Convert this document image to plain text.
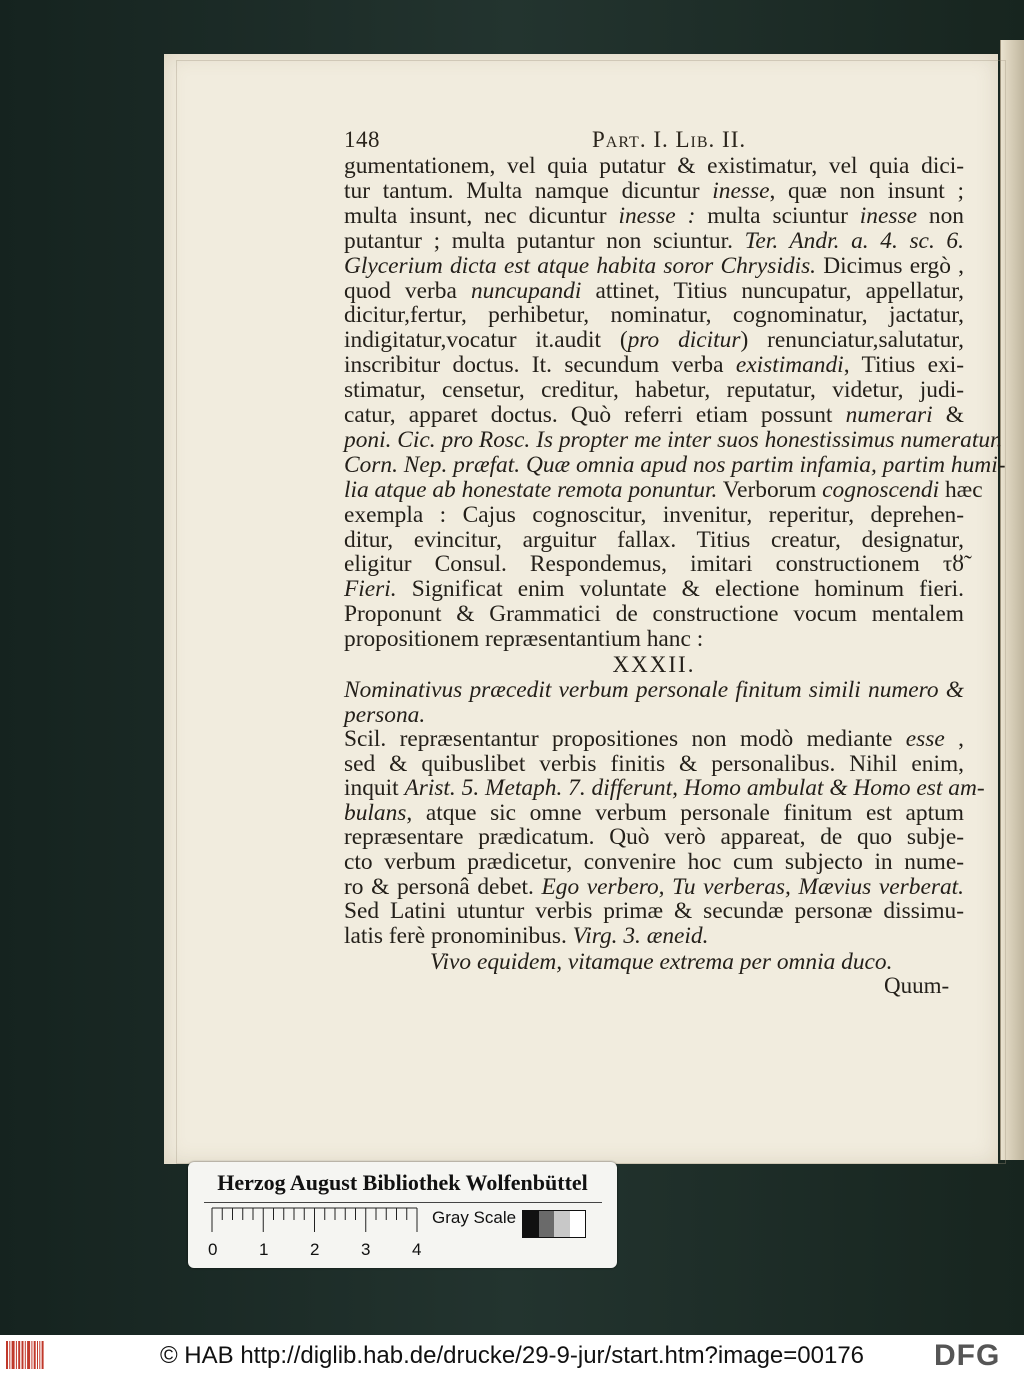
148	Part. I. Lib. II.
gumentationem, vel quia putatur & existimatur, vel quia dici-
tur tantum. Multa namque dicuntur inesse, quæ non insunt ;
multa insunt, nec dicuntur inesse : multa sciuntur inesse non
putantur ; multa putantur non sciuntur. Ter. Andr. a. 4. sc. 6.
Glycerium dicta est atque habita soror Chrysidis. Dicimus ergò ,
quod verba nuncupandi attinet, Titius nuncupatur, appellatur,
dicitur,fertur, perhibetur, nominatur, cognominatur, jactatur,
indigitatur,vocatur it.audit (pro dicitur) renunciatur,salutatur,
inscribitur doctus. It. secundum verba existimandi, Titius exi-
stimatur, censetur, creditur, habetur, reputatur, videtur, judi-
catur, apparet doctus. Quò referri etiam possunt numerari &
poni. Cic. pro Rosc. Is propter me inter suos honestissimus numeratur.
Corn. Nep. præfat. Quæ omnia apud nos partim infamia, partim humi-
lia atque ab honestate remota ponuntur. Verborum cognoscendi hæc
exempla : Cajus cognoscitur, invenitur, reperitur, deprehen-
ditur, evincitur, arguitur fallax. Titius creatur, designatur,
eligitur Consul. Respondemus, imitari constructionem τȣ̃
Fieri. Significat enim voluntate & electione hominum fieri.
Proponunt & Grammatici de constructione vocum mentalem
propositionem repræsentantium hanc :
XXXII.
Nominativus præcedit verbum personale finitum simili numero &
persona.
Scil. repræsentantur propositiones non modò mediante esse ,
sed & quibuslibet verbis finitis & personalibus. Nihil enim,
inquit Arist. 5. Metaph. 7. differunt, Homo ambulat & Homo est am-
bulans, atque sic omne verbum personale finitum est aptum
repræsentare prædicatum. Quò verò appareat, de quo subje-
cto verbum prædicetur, convenire hoc cum subjecto in nume-
ro & personâ debet. Ego verbero, Tu verberas, Mævius verberat.
Sed Latini utuntur verbis primæ & secundæ personæ dissimu-
latis ferè pronominibus. Virg. 3. æneid.
Vivo equidem, vitamque extrema per omnia duco.
Quum-
Herzog August Bibliothek Wolfenbüttel
Gray Scale
0 1 2 3 4
© HAB http://diglib.hab.de/drucke/29-9-jur/start.htm?image=00176	DFG
